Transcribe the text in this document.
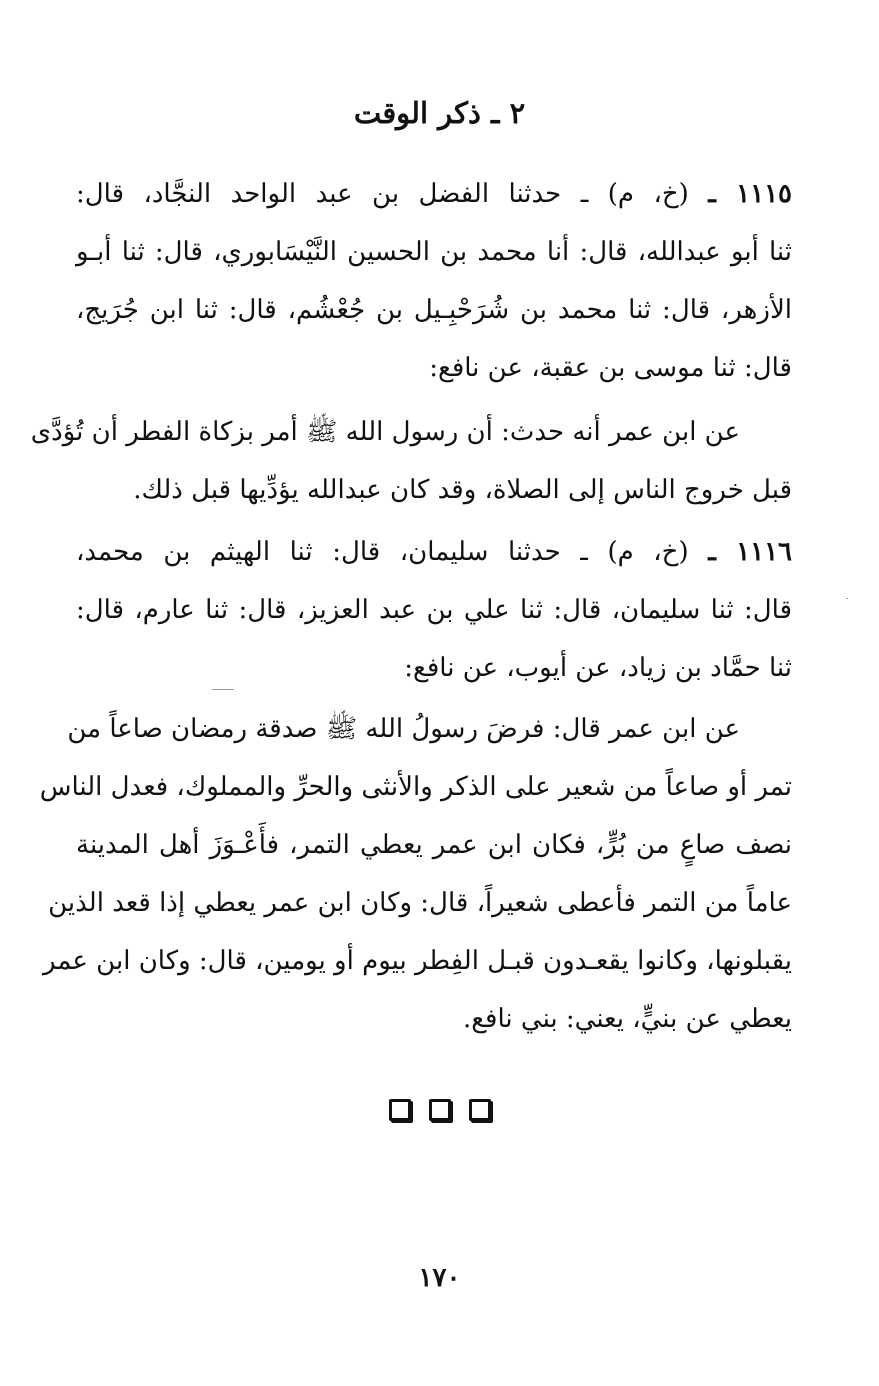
٢ ـ ذكر الوقت
١١١٥ ـ (خ، م) ـ حدثنا الفضل بن عبد الواحد النجَّاد، قال:
ثنا أبو عبدالله، قال: أنا محمد بن الحسين النَّيْسَابوري، قال: ثنا أبـو
الأزهر، قال: ثنا محمد بن شُرَحْبِـيل بن جُعْشُم، قال: ثنا ابن جُرَيج،
قال: ثنا موسى بن عقبة، عن نافع:
عن ابن عمر أنه حدث: أن رسول الله ﷺ أمر بزكاة الفطر أن تُؤدَّى
قبل خروج الناس إلى الصلاة، وقد كان عبدالله يؤدِّيها قبل ذلك.
١١١٦ ـ (خ، م) ـ حدثنا سليمان، قال: ثنا الهيثم بن محمد،
قال: ثنا سليمان، قال: ثنا علي بن عبد العزيز، قال: ثنا عارم، قال:
ثنا حمَّاد بن زياد، عن أيوب، عن نافع:
عن ابن عمر قال: فرضَ رسولُ الله ﷺ صدقة رمضان صاعاً من
تمر أو صاعاً من شعير على الذكر والأنثى والحرِّ والمملوك، فعدل الناس
نصف صاعٍ من بُرٍّ، فكان ابن عمر يعطي التمر، فأَعْـوَزَ أهل المدينة
عاماً من التمر فأعطى شعيراً، قال: وكان ابن عمر يعطي إذا قعد الذين
يقبلونها، وكانوا يقعـدون قبـل الفِطر بيوم أو يومين، قال: وكان ابن عمر
يعطي عن بنيٍّ، يعني: بني نافع.
١٧٠
